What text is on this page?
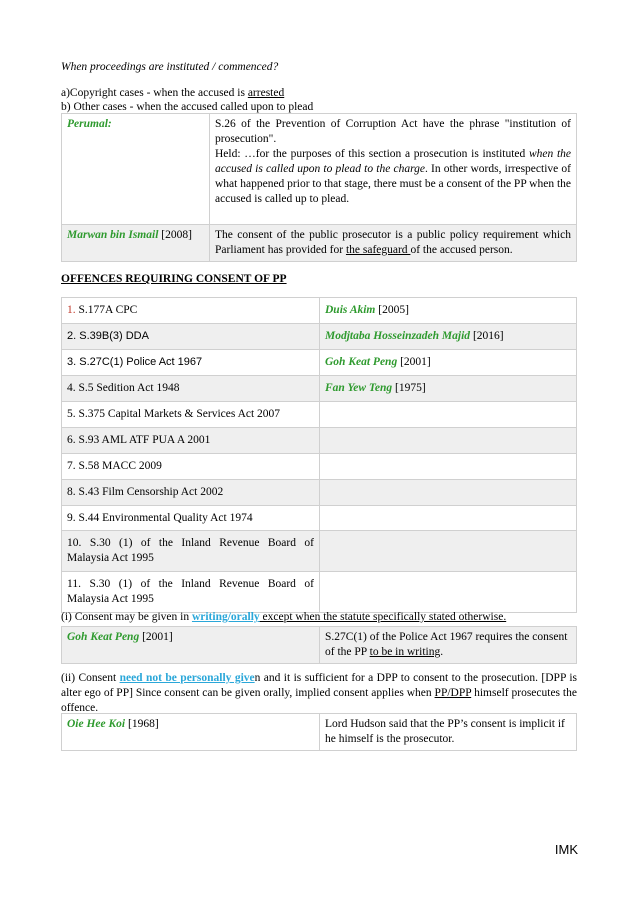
When proceedings are instituted / commenced?
a)Copyright cases - when the accused is arrested
b) Other cases - when the accused called upon to plead
Perumal:	S.26 of the Prevention of Corruption Act have the phrase "institution of prosecution".
Held: …for the purposes of this section a prosecution is instituted when the accused is called upon to plead to the charge. In other words, irrespective of what happened prior to that stage, there must be a consent of the PP when the accused is called up to plead.

Marwan bin Ismail [2008]	The consent of the public prosecutor is a public policy requirement which Parliament has provided for the safeguard of the accused person.
OFFENCES REQUIRING CONSENT OF PP
1. S.177A CPC	Duis Akim [2005]
2. S.39B(3) DDA	Modjtaba Hosseinzadeh Majid [2016]
3. S.27C(1) Police Act 1967	Goh Keat Peng [2001]
4. S.5 Sedition Act 1948	Fan Yew Teng [1975]
5. S.375 Capital Markets & Services Act 2007	
6. S.93 AML ATF PUA A 2001	
7. S.58 MACC 2009	
8. S.43 Film Censorship Act 2002	
9. S.44 Environmental Quality Act 1974	
10. S.30 (1) of the Inland Revenue Board of Malaysia Act 1995	
11. S.30 (1) of the Inland Revenue Board of Malaysia Act 1995	
(i) Consent may be given in writing/orally except when the statute specifically stated otherwise.
Goh Keat Peng [2001]	S.27C(1) of the Police Act 1967 requires the consent of the PP to be in writing.
(ii) Consent need not be personally given and it is sufficient for a DPP to consent to the prosecution. [DPP is alter ego of PP] Since consent can be given orally, implied consent applies when PP/DPP himself prosecutes the offence.
Oie Hee Koi [1968]	Lord Hudson said that the PP’s consent is implicit if he himself is the prosecutor.
IMK
